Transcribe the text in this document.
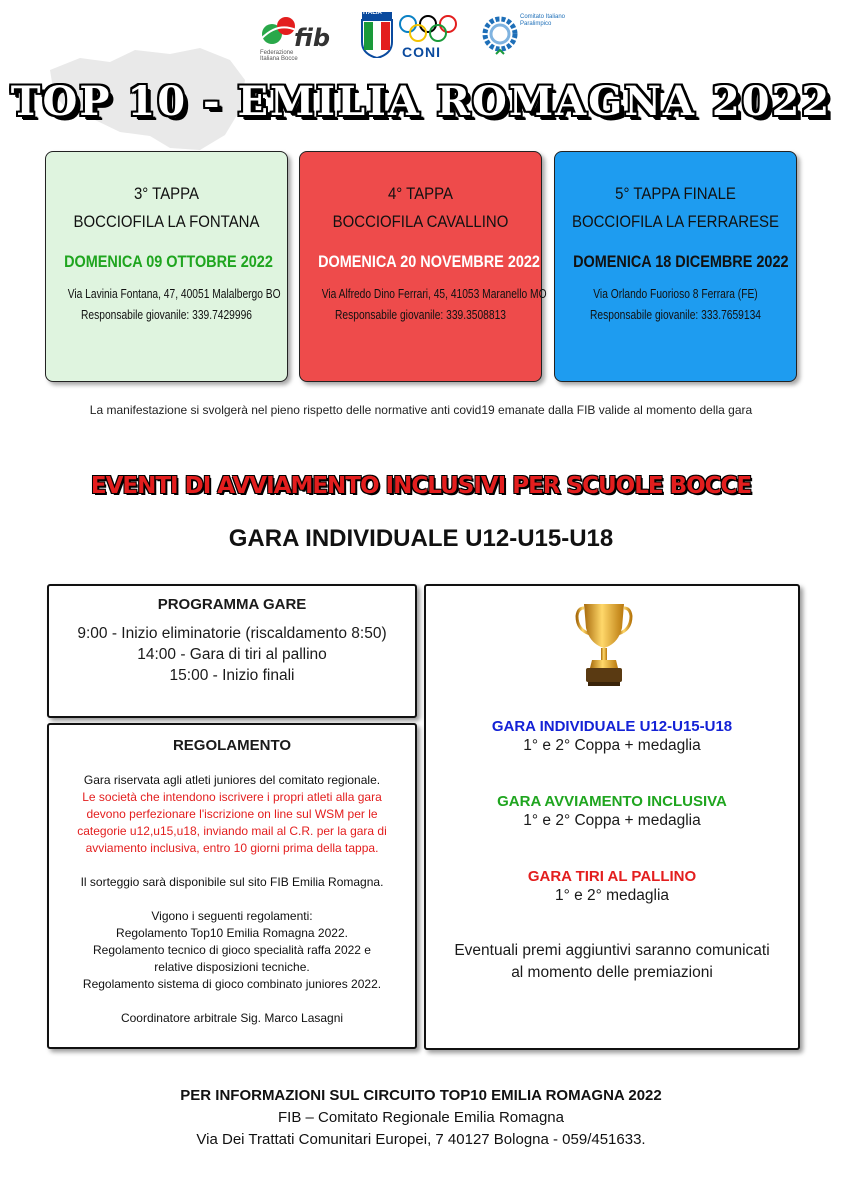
fib
Federazione Italiana Bocce
ITALIA
CONI
Comitato Italiano Paralimpico
TOP 10 - EMILIA ROMAGNA 2022
3° TAPPA
BOCCIOFILA LA FONTANA
DOMENICA 09 OTTOBRE 2022
Via Lavinia Fontana, 47, 40051 Malalbergo BO
Responsabile giovanile: 339.7429996
4° TAPPA
BOCCIOFILA CAVALLINO
DOMENICA 20 NOVEMBRE 2022
Via Alfredo Dino Ferrari, 45, 41053 Maranello MO
Responsabile giovanile: 339.3508813
5° TAPPA FINALE
BOCCIOFILA LA FERRARESE
DOMENICA 18 DICEMBRE 2022
Via Orlando Fuorioso 8 Ferrara (FE)
Responsabile giovanile: 333.7659134
La manifestazione si svolgerà nel pieno rispetto delle normative anti covid19 emanate dalla FIB valide al momento della gara
EVENTI DI AVVIAMENTO INCLUSIVI PER SCUOLE BOCCE
GARA INDIVIDUALE U12-U15-U18
PROGRAMMA GARE
9:00 - Inizio eliminatorie (riscaldamento 8:50)
14:00 - Gara di tiri al pallino
15:00 - Inizio finali
REGOLAMENTO
Gara riservata agli atleti juniores del comitato regionale.
Le società che intendono iscrivere i propri atleti alla gara
devono perfezionare l'iscrizione on line sul WSM per le
categorie u12,u15,u18, inviando mail al C.R. per la gara di
avviamento inclusiva, entro 10 giorni prima della tappa.
Il sorteggio sarà disponibile sul sito FIB Emilia Romagna.
Vigono i seguenti regolamenti:
Regolamento Top10 Emilia Romagna 2022.
Regolamento tecnico di gioco specialità raffa 2022 e
relative disposizioni tecniche.
Regolamento sistema di gioco combinato juniores 2022.
Coordinatore arbitrale Sig. Marco Lasagni
GARA INDIVIDUALE U12-U15-U18
1° e 2° Coppa + medaglia
GARA AVVIAMENTO INCLUSIVA
1° e 2° Coppa + medaglia
GARA TIRI AL PALLINO
1° e 2° medaglia
Eventuali premi aggiuntivi saranno comunicati
al momento delle premiazioni
PER INFORMAZIONI SUL CIRCUITO TOP10 EMILIA ROMAGNA 2022
FIB – Comitato Regionale Emilia Romagna
Via Dei Trattati Comunitari Europei, 7 40127 Bologna - 059/451633.
